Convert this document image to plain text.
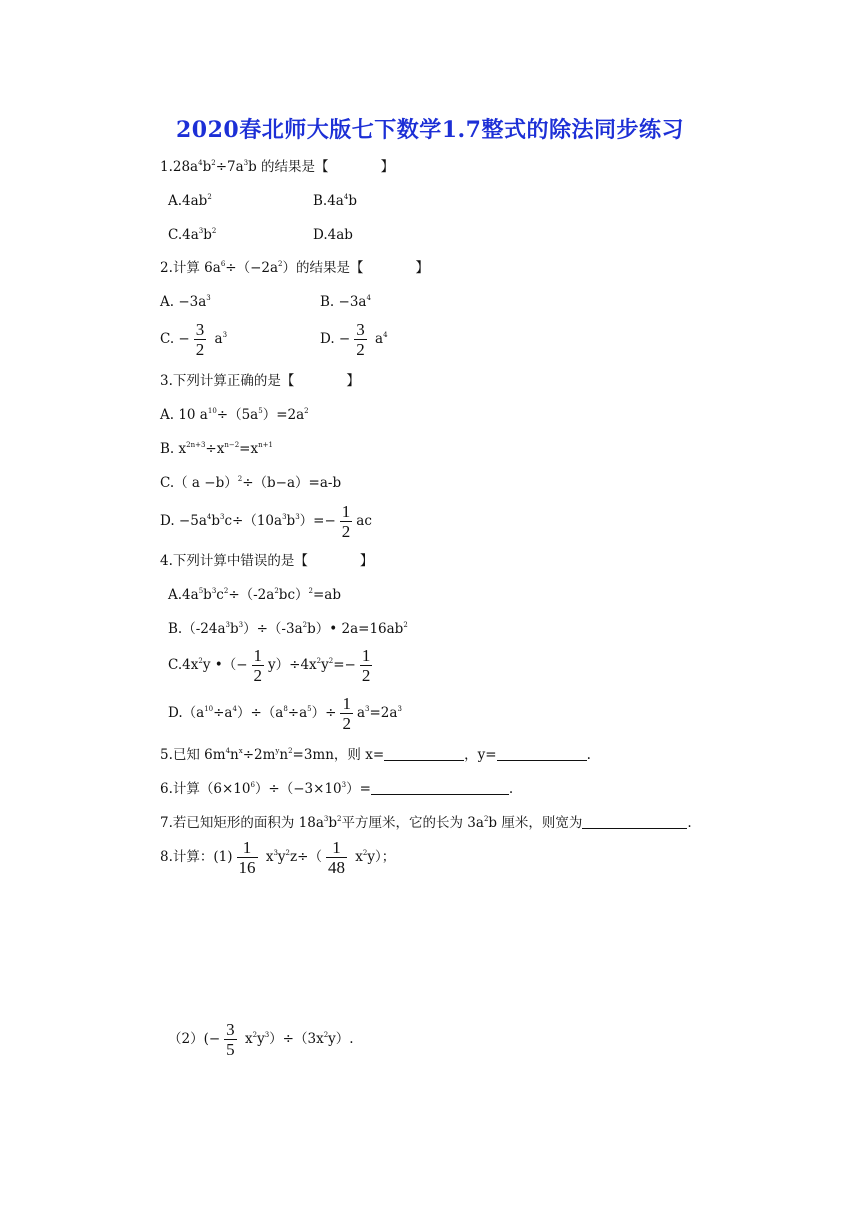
2020春北师大版七下数学1.7整式的除法同步练习
$1.28a^4b^2\div 7a^3b$ 的结果是【	】
$A.4ab^2$	$B.4a^4b$
$C.4a^3b^2$	D.4ab
2.计算 $6a^6\div(-2a^2)$的结果是【	】
A. $-3a^3$	B. $-3a^4$
C. − $\frac{3}{2} a^3$	D. − $\frac{3}{2} a^4$
3.下列计算正确的是【	】
A. 10 $a^{10}\div(5a^5)=2a^2$
B. $x^{2n+3}\div x^{n-2}=x^{n+1}$
C.（ a −b）$^2$÷（b−a）=a-b
D. $-5a^4b^3c\div(10a^3b^3)=- \frac{1}{2}$ ac
4.下列计算中错误的是【	】
$A.4a^5b^3c^2\div(-2a^2bc)^2=ab$
$B.(-24a^3b^3)\div(-3a^2b)•$ $2a=16ab^2$
$C.4x^2y$ •（− $\frac{1}{2} y)\div 4x^2y^2=- \frac{1}{2}$
$D.(a^{10}\div a^4)\div(a^8\div a^5)\div \frac{1}{2} a^3=2a^3$
5.已知 $6m^4n^x\div 2m^yn^2=3mn$，则 x=	，y=	.
6.计算$(6\times 10^6)\div(-3\times 10^3)=$	.
7.若已知矩形的面积为 $18a^3b^2$平方厘米，它的长为 $3a^2b$ 厘米，则宽为	.
8.计算：$(1) \frac{1}{16} x^3y^2z\div( \frac{1}{48} x^2y)$；
$(2)(- \frac{3}{5} x^2y^3)\div(3x^2y)$.
